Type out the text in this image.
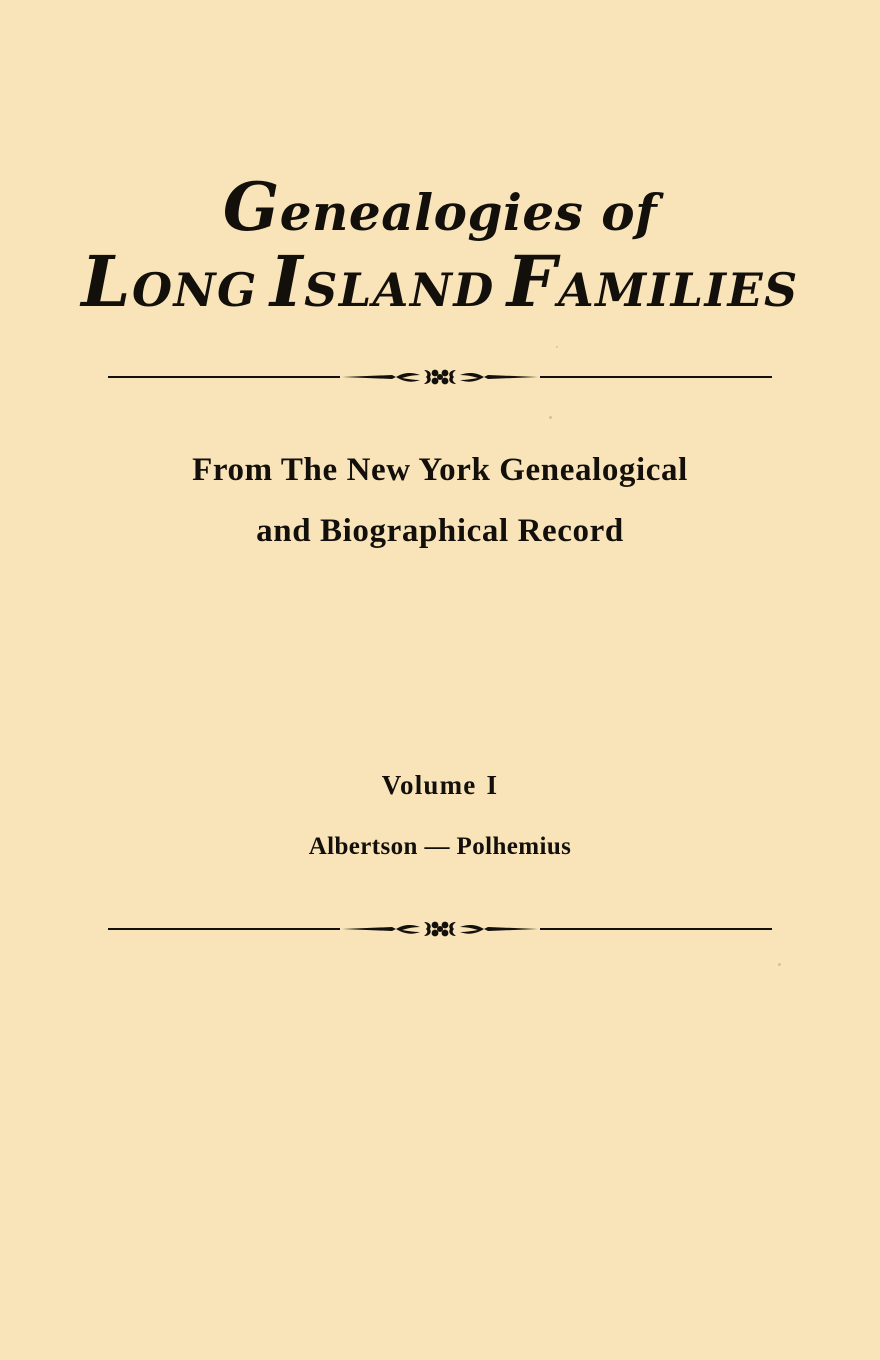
Genealogies of
LONG ISLAND FAMILIES
From The New York Genealogical
and Biographical Record
Volume I
Albertson — Polhemius
